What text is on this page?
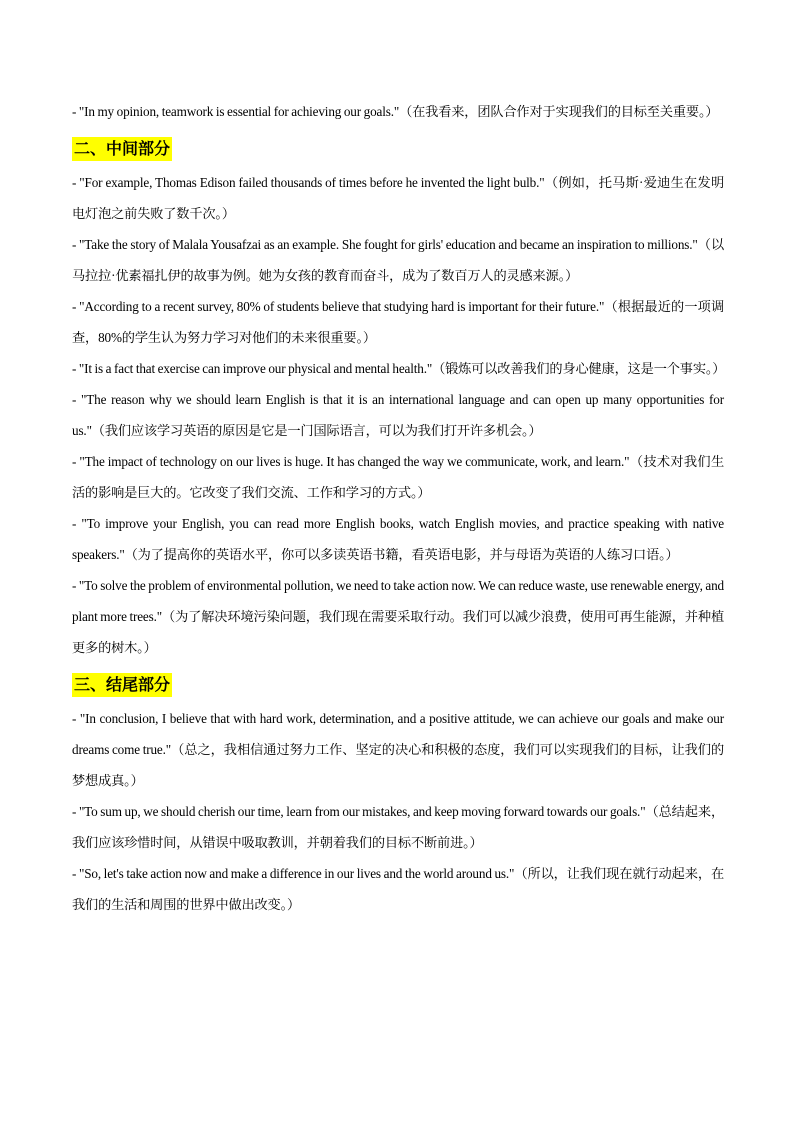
- "In my opinion, teamwork is essential for achieving our goals."（在我看来，团队合作对于实现我们的目标至关重要。）

二、中间部分

- "For example, Thomas Edison failed thousands of times before he invented the light bulb."（例如，托马斯·爱迪生在发明电灯泡之前失败了数千次。）

- "Take the story of Malala Yousafzai as an example. She fought for girls' education and became an inspiration to millions."（以马拉拉·优素福扎伊的故事为例。她为女孩的教育而奋斗，成为了数百万人的灵感来源。）

- "According to a recent survey, 80% of students believe that studying hard is important for their future."（根据最近的一项调查，80%的学生认为努力学习对他们的未来很重要。）

- "It is a fact that exercise can improve our physical and mental health."（锻炼可以改善我们的身心健康，这是一个事实。）

- "The reason why we should learn English is that it is an international language and can open up many opportunities for us."（我们应该学习英语的原因是它是一门国际语言，可以为我们打开许多机会。）

- "The impact of technology on our lives is huge. It has changed the way we communicate, work, and learn."（技术对我们生活的影响是巨大的。它改变了我们交流、工作和学习的方式。）

- "To improve your English, you can read more English books, watch English movies, and practice speaking with native speakers."（为了提高你的英语水平，你可以多读英语书籍，看英语电影，并与母语为英语的人练习口语。）

- "To solve the problem of environmental pollution, we need to take action now. We can reduce waste, use renewable energy, and plant more trees."（为了解决环境污染问题，我们现在需要采取行动。我们可以减少浪费，使用可再生能源，并种植更多的树木。）

三、结尾部分

- "In conclusion, I believe that with hard work, determination, and a positive attitude, we can achieve our goals and make our dreams come true."（总之，我相信通过努力工作、坚定的决心和积极的态度，我们可以实现我们的目标，让我们的梦想成真。）

- "To sum up, we should cherish our time, learn from our mistakes, and keep moving forward towards our goals."（总结起来，我们应该珍惜时间，从错误中吸取教训，并朝着我们的目标不断前进。）

- "So, let's take action now and make a difference in our lives and the world around us."（所以，让我们现在就行动起来，在我们的生活和周围的世界中做出改变。）
